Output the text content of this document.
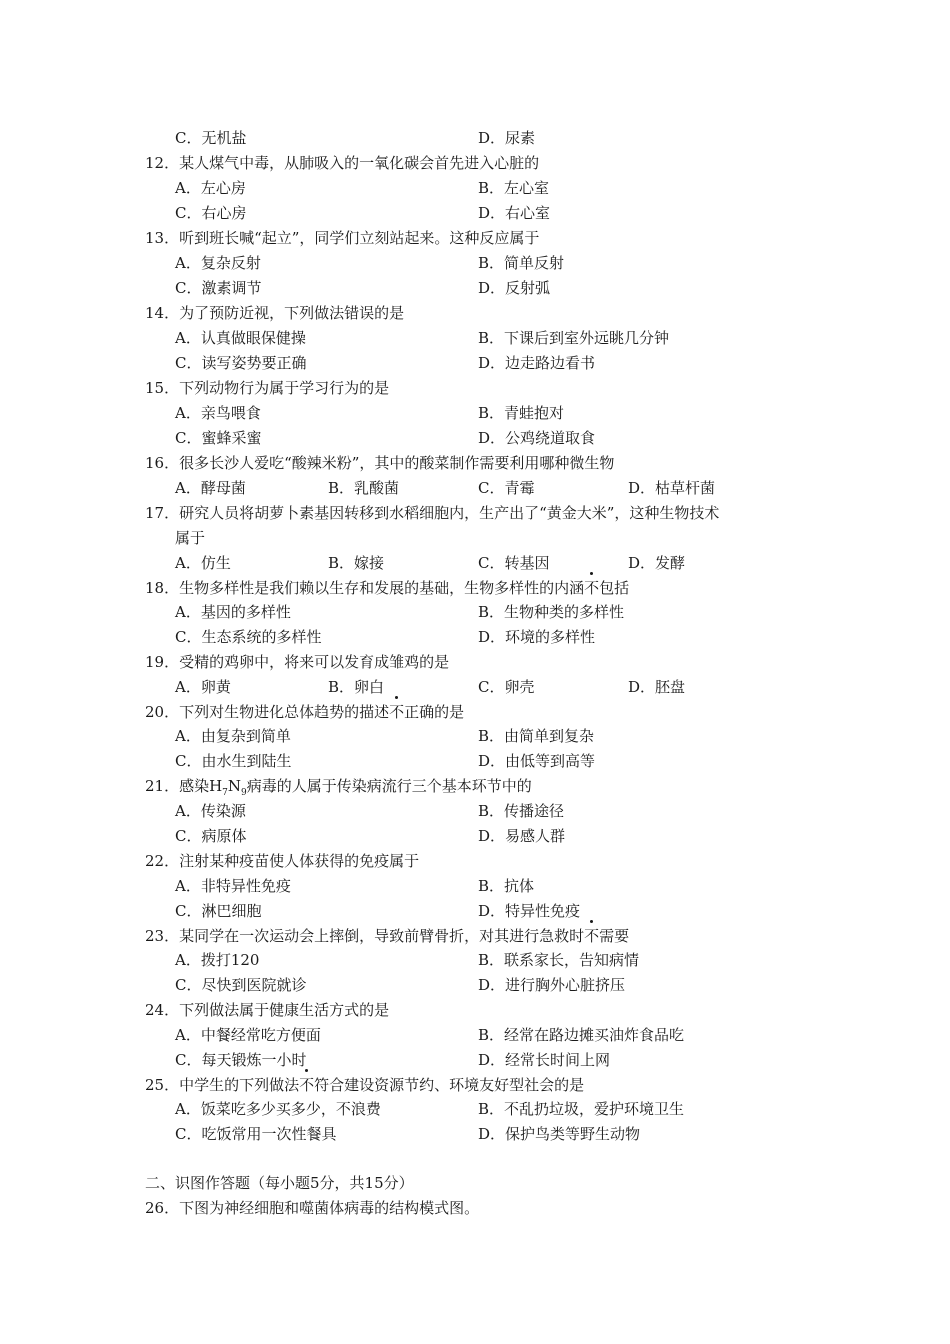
C．无机盐	D．尿素
12．某人煤气中毒，从肺吸入的一氧化碳会首先进入心脏的
A．左心房	B．左心室
C．右心房	D．右心室
13．听到班长喊“起立”，同学们立刻站起来。这种反应属于
A．复杂反射	B．简单反射
C．激素调节	D．反射弧
14．为了预防近视，下列做法错误的是
A．认真做眼保健操	B．下课后到室外远眺几分钟
C．读写姿势要正确	D．边走路边看书
15．下列动物行为属于学习行为的是
A．亲鸟喂食	B．青蛙抱对
C．蜜蜂采蜜	D．公鸡绕道取食
16．很多长沙人爱吃“酸辣米粉”，其中的酸菜制作需要利用哪种微生物
A．酵母菌	B．乳酸菌	C．青霉	D．枯草杆菌
17．研究人员将胡萝卜素基因转移到水稻细胞内，生产出了“黄金大米”，这种生物技术
属于
A．仿生	B．嫁接	C．转基因	D．发酵
18．生物多样性是我们赖以生存和发展的基础，生物多样性的内涵不包括
A．基因的多样性	B．生物种类的多样性
C．生态系统的多样性	D．环境的多样性
19．受精的鸡卵中，将来可以发育成雏鸡的是
A．卵黄	B．卵白	C．卵壳	D．胚盘
20．下列对生物进化总体趋势的描述不正确的是
A．由复杂到简单	B．由简单到复杂
C．由水生到陆生	D．由低等到高等
21．感染$H_7N_9$病毒的人属于传染病流行三个基本环节中的
A．传染源	B．传播途径
C．病原体	D．易感人群
22．注射某种疫苗使人体获得的免疫属于
A．非特异性免疫	B．抗体
C．淋巴细胞	D．特异性免疫
23．某同学在一次运动会上摔倒，导致前臂骨折，对其进行急救时不需要
A．拨打120	B．联系家长，告知病情
C．尽快到医院就诊	D．进行胸外心脏挤压
24．下列做法属于健康生活方式的是
A．中餐经常吃方便面	B．经常在路边摊买油炸食品吃
C．每天锻炼一小时	D．经常长时间上网
25．中学生的下列做法不符合建设资源节约、环境友好型社会的是
A．饭菜吃多少买多少，不浪费	B．不乱扔垃圾，爱护环境卫生
C．吃饭常用一次性餐具	D．保护鸟类等野生动物
二、识图作答题（每小题5分，共15分）
26．下图为神经细胞和噬菌体病毒的结构模式图。
